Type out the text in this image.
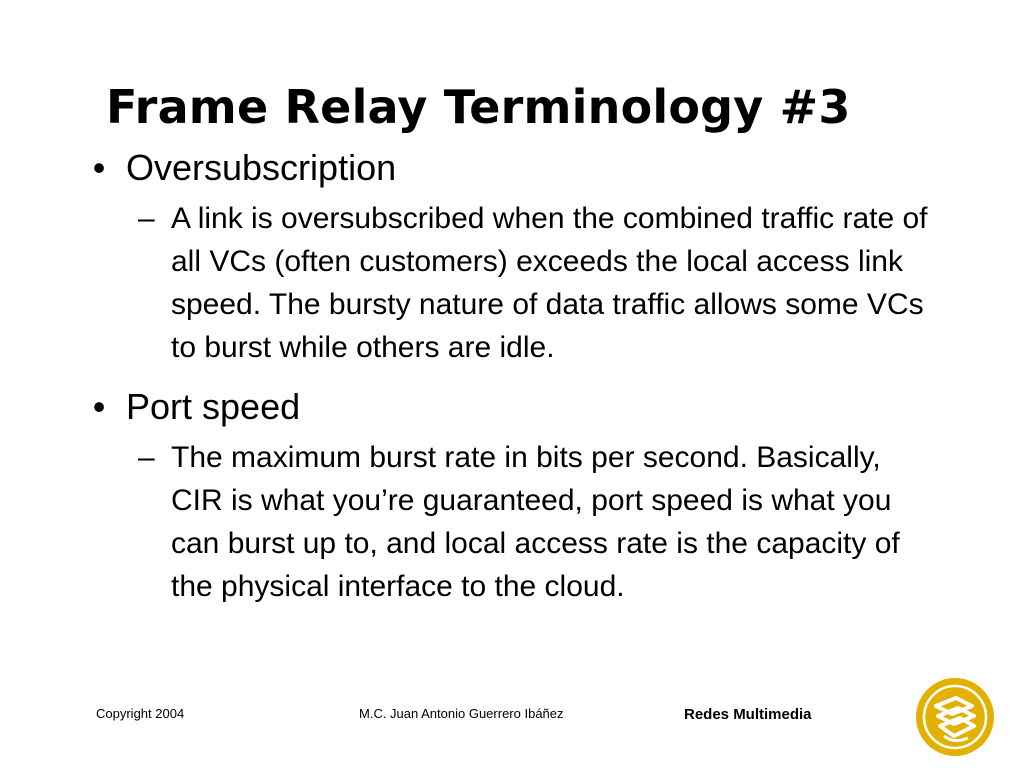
Frame Relay Terminology #3
• Oversubscription
– A link is oversubscribed when the combined traffic rate of all VCs (often customers) exceeds the local access link speed. The bursty nature of data traffic allows some VCs to burst while others are idle.
• Port speed
– The maximum burst rate in bits per second. Basically, CIR is what you’re guaranteed, port speed is what you can burst up to, and local access rate is the capacity of the physical interface to the cloud.
Copyright 2004	M.C. Juan Antonio Guerrero Ibáñez	Redes Multimedia
